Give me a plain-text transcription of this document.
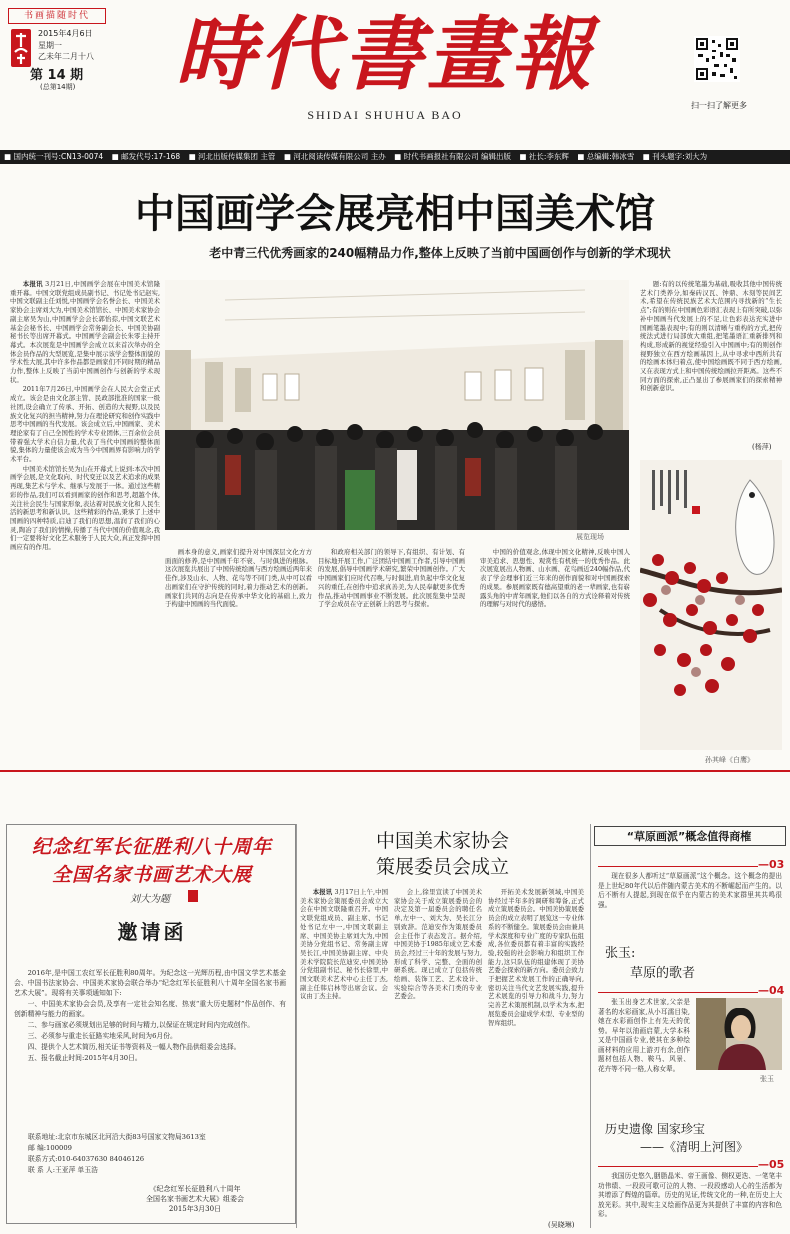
书画描随时代
2015年4月6日
星期一
乙未年二月十八
第 14 期
(总第14期) 時代書畫報
SHIDAI SHUHUA BAO
扫一扫了解更多
■ 国内统一刊号:CN13-0074 ■ 邮发代号:17-168 ■ 河北出版传媒集团 主管 ■ 河北阅读传媒有限公司 主办 ■ 时代书画报社有限公司 编辑出版 ■ 社长:李东辉 ■ 总编辑:韩冰雪 ■ 刊头题字:刘大为
中国画学会展亮相中国美术馆
老中青三代优秀画家的240幅精品力作,整体上反映了当前中国画创作与创新的学术现状

本报讯 3月21日,中国画学会展在中国美术馆隆重开幕。中国文联党组成员副书记、书记处书记赵实,中国文联副主任刘悦,中国画学会名誉会长、中国美术家协会主席刘大为,中国美术馆馆长、中国美术家协会副主席吴为山,中国画学会会长郭怡孮,中国文联艺术基金会秘书长、中国画学会常务副会长、中国美协副秘书长等出席开幕式。中国画学会副会长朱零主持开幕式。本次展览是中国画学会成立以来首次举办的全体会员作品的大型展览,是集中展示该学会整体面貌的学术性大展,其中许多作品都是画家们不同时期的精品力作,整体上反映了当前中国画创作与创新的学术现状。

2011年7月26日,中国画学会在人民大会堂正式成立。该会是由文化部主管、民政部批准的国家一级社团,设会确立了传承、开拓、创造的大视野,以及民族文化复兴的担当精神,努力在理论研究和创作实践中思考中国画的当代发展。该会成立后,中国画家、美术理论家有了自己全国性的学术专业团体,三百余位会员带着强大学术自信力量,代表了当代中国画的整体面貌,集体的力量使该会成为当今中国画界有影响力的学术平台。

中国美术馆馆长吴为山在开幕式上说到:本次中国画学会展,是文化取向、时代变迁以及艺术追求的成果再现,集艺术与学术、继承与发展于一体。通过这些精彩的作品,我们可以看到画家的创作和思考,超越个体,关注社会民生与国家形象,表达着对民族文化和人民生活的新思考和新认识。这些精彩的作品,秉承了上述中国画的四种特质,启迪了我们的思想,温润了我们的心灵,陶冶了我们的情操,传播了当代中国的价值观念,我们一定要将好文化艺术服务于人民大众,真正发挥中国画应有的作用。

展览现场

画本身的意义,画家们提升对中国深层文化方方面面的修养,是中国画千年不衰、与时俱进的根脉。这次展览共展出了中国传统绘画与西方绘画近两年来佳作,涉及山水、人物、花鸟等不同门类,从中可以看出画家们在守护传统的同时,着力推动艺术的创新。画家们共同的志向是在传承中华文化的基础上,致力于构建中国画的当代面貌。

和政府相关部门的领导下,有组织、有计划、有目标地开展工作,广泛团结中国画工作者,引导中国画的发展,倡导中国画学术研究,繁荣中国画创作。广大中国画家们应时代召唤,与时俱进,肩负起中华文化复兴的重任,在创作中追求真善美,为人民奉献更多优秀作品,推动中国画事业不断发展。此次展览集中呈现了学会成员在守正创新上的思考与探索。

中国的价值观念,体现中国文化精神,反映中国人审美追求、思想性、观赏性有机统一的优秀作品。此次展览展出人物画、山水画、花鸟画近240幅作品,代表了学会理事们近三年来的创作面貌和对中国画探索的成果。参展画家既有德高望重的老一辈画家,也有崭露头角的中青年画家,他们以各自的方式诠释着对传统的理解与对时代的感悟。

题:有的以传统笔墨为基础,吸收其他中国传统艺术门类养分,如秦砖汉瓦、钟鼎、木刻等民间艺术,希望在传统民族艺术大范围内寻找新的“生长点”;有的则在中国画色彩语汇表现上有所突破,以弥补中国画当代发展上的不足,让色彩表达充实进中国画笔墨表现中;有的则以清晰与重构的方式,把传统法式进行局部放大重组,把笔墨语汇重新排列和构成,形成新的视觉经验引入中国画中;有的则创作视野独立在西方绘画基因上,从中寻求中西所共有的绘画本体归着点,使中国绘画既不同于西方绘画,又在表现方式上和中国传统绘画拉开距离。这些不同方面的探索,正凸显出了参展画家们的探索精神和创新意识。

(杨萍)
孙其峰《白鹰》
纪念红军长征胜利八十周年
全国名家书画艺术大展
刘大为题
邀请函

2016年,是中国工农红军长征胜利80周年。为纪念这一光辉历程,由中国文学艺术基金会、中国书法家协会、中国美术家协会联合举办“纪念红军长征胜利八十周年全国名家书画艺术大展”。现将有关事项通知如下:

一、中国美术家协会会员,及享有一定社会知名度、热衷“重大历史题材”作品创作、有创新精神与能力的画家。

二、参与画家必须规划出足够的时间与精力,以保证在规定时间内完成创作。

三、必须参与重走长征路实地采风,时间为6月份。

四、提供个人艺术简历,相关证书等资料及一幅人物作品供组委会选择。

五、报名截止时间:2015年4月30日。

联系地址:北京市东城区北河沿大街83号国家文物局3613室
邮 编:100009
联系方式:010-64037630 84046126
联 系 人:王亚萍 单玉浩
《纪念红军长征胜利八十周年
全国名家书画艺术大展》组委会
2015年3月30日
中国美术家协会
策展委员会成立

本报讯 3月17日上午,中国美术家协会策展委员会成立大会在中国文联隆重召开。中国文联党组成员、副主席、书记处书记左中一,中国文联副主席、中国美协主席刘大为,中国美协分党组书记、常务副主席吴长江,中国美协副主席、中央美术学院院长范迪安,中国美协分党组副书记、秘书长徐里,中国文联美术艺术中心主任丁杰,副主任韩启林等出席会议。会议由丁杰主持。

会上,徐里宣读了中国美术家协会关于成立策展委员会的决定及第一届委员会的聘任名单,左中一、刘大为、吴长江分别致辞。范迪安作为策展委员会主任作了表态发言。据介绍,中国美协于1985年成立艺术委员会,经过三十年的发展与努力,形成了科学、完整、全面的创研系统。现已成立了包括传统绘画、装饰工艺、艺术设计、实验综合等各美术门类的专业艺委会。

开拓美术发展新领域,中国美协经过半年多的调研和筹备,正式成立策展委员会。中国美协策展委员会的成立表明了展览这一专业体系的不断健全。策展委员会由兼具学术深度和专业广度的专家队伍组成,各位委员都有着丰富的实践经验,较强的社会影响力和组织工作能力,这只队伍的组建体现了美协艺委会探索的新方向。委员会致力于把握艺术发展工作的正确导向,密切关注当代文艺发展实践,提升艺术展览的引导力和战斗力,努力完善艺术策展机制,以学术为本,把展览委员会建成学术型、专业型的智库组织。

(吴晓琳)
“草原画派”概念值得商榷
—03

现在很多人都听过“草原画派”这个概念。这个概念的提出是上世纪80年代以后伴随内蒙古美术的不断崛起而产生的。以后不断有人提起,到现在似乎在内蒙古的美术家群里其共鸣很强。

张玉:
草原的歌者
—04

张玉出身艺术世家,父亲是著名的水彩画家,从小耳濡目染,她在水彩画创作上有先天的优势。早年以油画启蒙,大学本科又是中国画专业,使其在多种绘画材料的应用上游刃有余,创作题材包括人物、鞍马、风景、花卉等不同一格,人称女辈。

张玉
历史遗像 国家珍宝
——《清明上河图》
—05

我国历史悠久,胭脂晶米、帝王画像、侧权更迭、一笔笔丰功伟绩、一段段可歌可泣的人物、一段段感动人心的生活都为其增添了辉煌的篇章。历史的见证,传统文化的一种,在历史上大放光彩。其中,现实主义绘画作品更为其提供了丰富的内容和色彩。
